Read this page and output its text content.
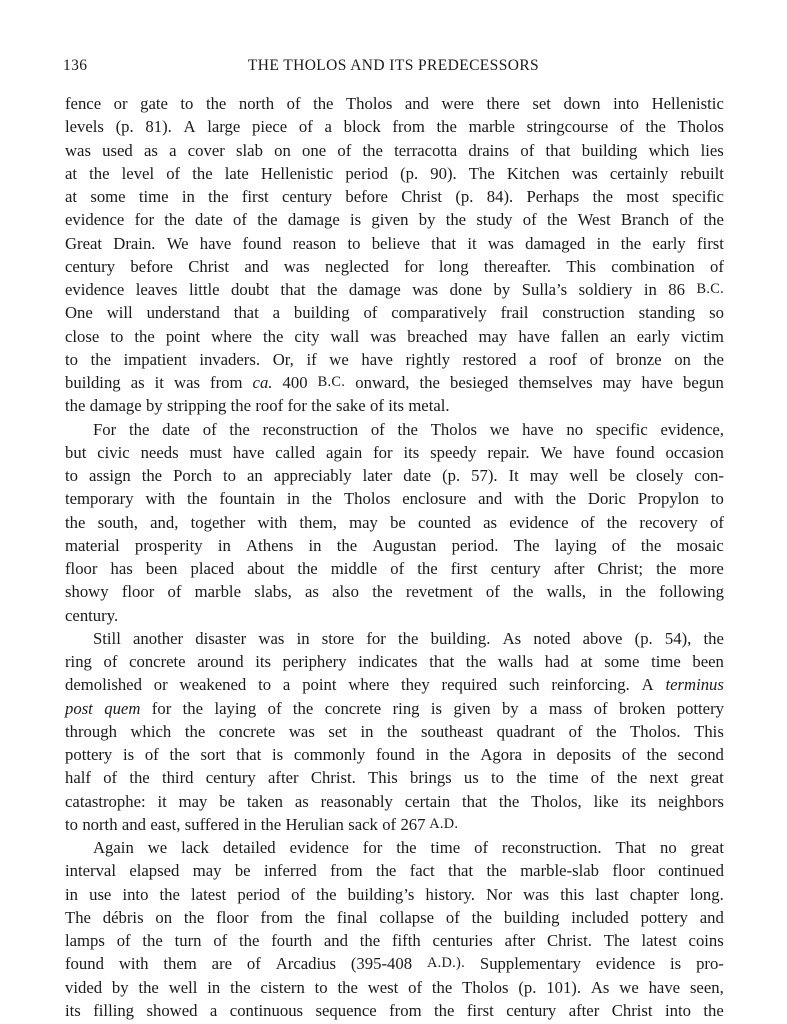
136	THE THOLOS AND ITS PREDECESSORS
fence or gate to the north of the Tholos and were there set down into Hellenistic
levels (p. 81). A large piece of a block from the marble stringcourse of the Tholos
was used as a cover slab on one of the terracotta drains of that building which lies
at the level of the late Hellenistic period (p. 90). The Kitchen was certainly rebuilt
at some time in the first century before Christ (p. 84). Perhaps the most specific
evidence for the date of the damage is given by the study of the West Branch of the
Great Drain. We have found reason to believe that it was damaged in the early first
century before Christ and was neglected for long thereafter. This combination of
evidence leaves little doubt that the damage was done by Sulla’s soldiery in 86 B.C.
One will understand that a building of comparatively frail construction standing so
close to the point where the city wall was breached may have fallen an early victim
to the impatient invaders. Or, if we have rightly restored a roof of bronze on the
building as it was from ca. 400 B.C. onward, the besieged themselves may have begun
the damage by stripping the roof for the sake of its metal.
For the date of the reconstruction of the Tholos we have no specific evidence,
but civic needs must have called again for its speedy repair. We have found occasion
to assign the Porch to an appreciably later date (p. 57). It may well be closely con-
temporary with the fountain in the Tholos enclosure and with the Doric Propylon to
the south, and, together with them, may be counted as evidence of the recovery of
material prosperity in Athens in the Augustan period. The laying of the mosaic
floor has been placed about the middle of the first century after Christ; the more
showy floor of marble slabs, as also the revetment of the walls, in the following
century.
Still another disaster was in store for the building. As noted above (p. 54), the
ring of concrete around its periphery indicates that the walls had at some time been
demolished or weakened to a point where they required such reinforcing. A terminus
post quem for the laying of the concrete ring is given by a mass of broken pottery
through which the concrete was set in the southeast quadrant of the Tholos. This
pottery is of the sort that is commonly found in the Agora in deposits of the second
half of the third century after Christ. This brings us to the time of the next great
catastrophe: it may be taken as reasonably certain that the Tholos, like its neighbors
to north and east, suffered in the Herulian sack of 267 A.D.
Again we lack detailed evidence for the time of reconstruction. That no great
interval elapsed may be inferred from the fact that the marble-slab floor continued
in use into the latest period of the building’s history. Nor was this last chapter long.
The débris on the floor from the final collapse of the building included pottery and
lamps of the turn of the fourth and the fifth centuries after Christ. The latest coins
found with them are of Arcadius (395-408 A.D.). Supplementary evidence is pro-
vided by the well in the cistern to the west of the Tholos (p. 101). As we have seen,
its filling showed a continuous sequence from the first century after Christ into the
